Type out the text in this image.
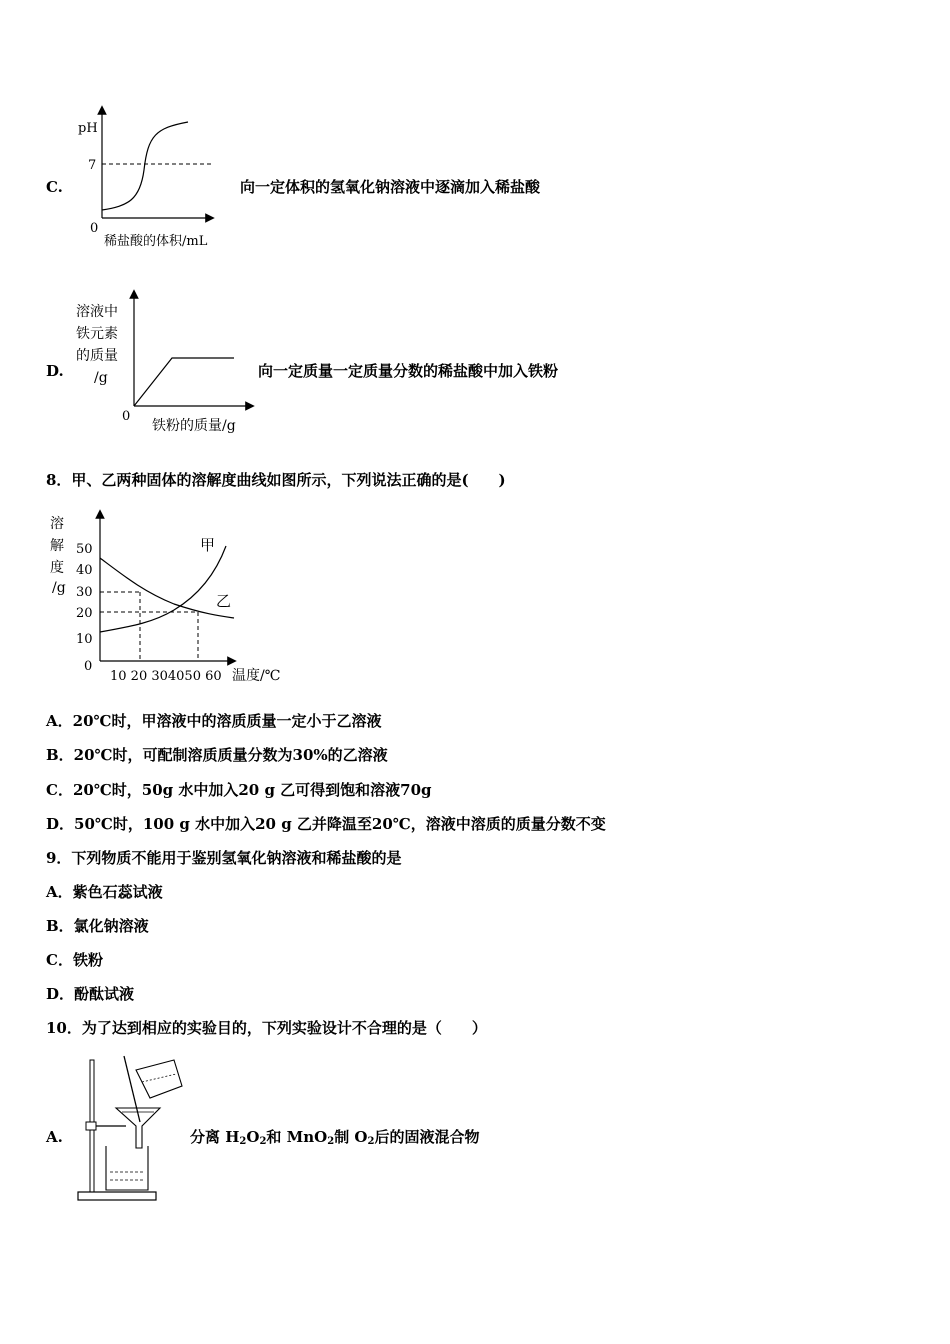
C.
pH
7
0
稀盐酸的体积/mL
向一定体积的氢氧化钠溶液中逐滴加入稀盐酸
D.
溶液中
铁元素
的质量
/g
0
铁粉的质量/g
向一定质量一定质量分数的稀盐酸中加入铁粉
8．甲、乙两种固体的溶解度曲线如图所示，下列说法正确的是(　　)
溶
解
度
/g
50
40
30
20
10
0
10 20 304050 60 温度/℃
甲
乙
A．20℃时，甲溶液中的溶质质量一定小于乙溶液
B．20℃时，可配制溶质质量分数为30%的乙溶液
C．20℃时，50g 水中加入20 g 乙可得到饱和溶液70g
D．50℃时，100 g 水中加入20 g 乙并降温至20℃，溶液中溶质的质量分数不变
9．下列物质不能用于鉴别氢氧化钠溶液和稀盐酸的是
A．紫色石蕊试液
B．氯化钠溶液
C．铁粉
D．酚酞试液
10．为了达到相应的实验目的，下列实验设计不合理的是（　　）
A.	分离 $H_2O_2$和 MnO$_2$制 $O_2$后的固液混合物
